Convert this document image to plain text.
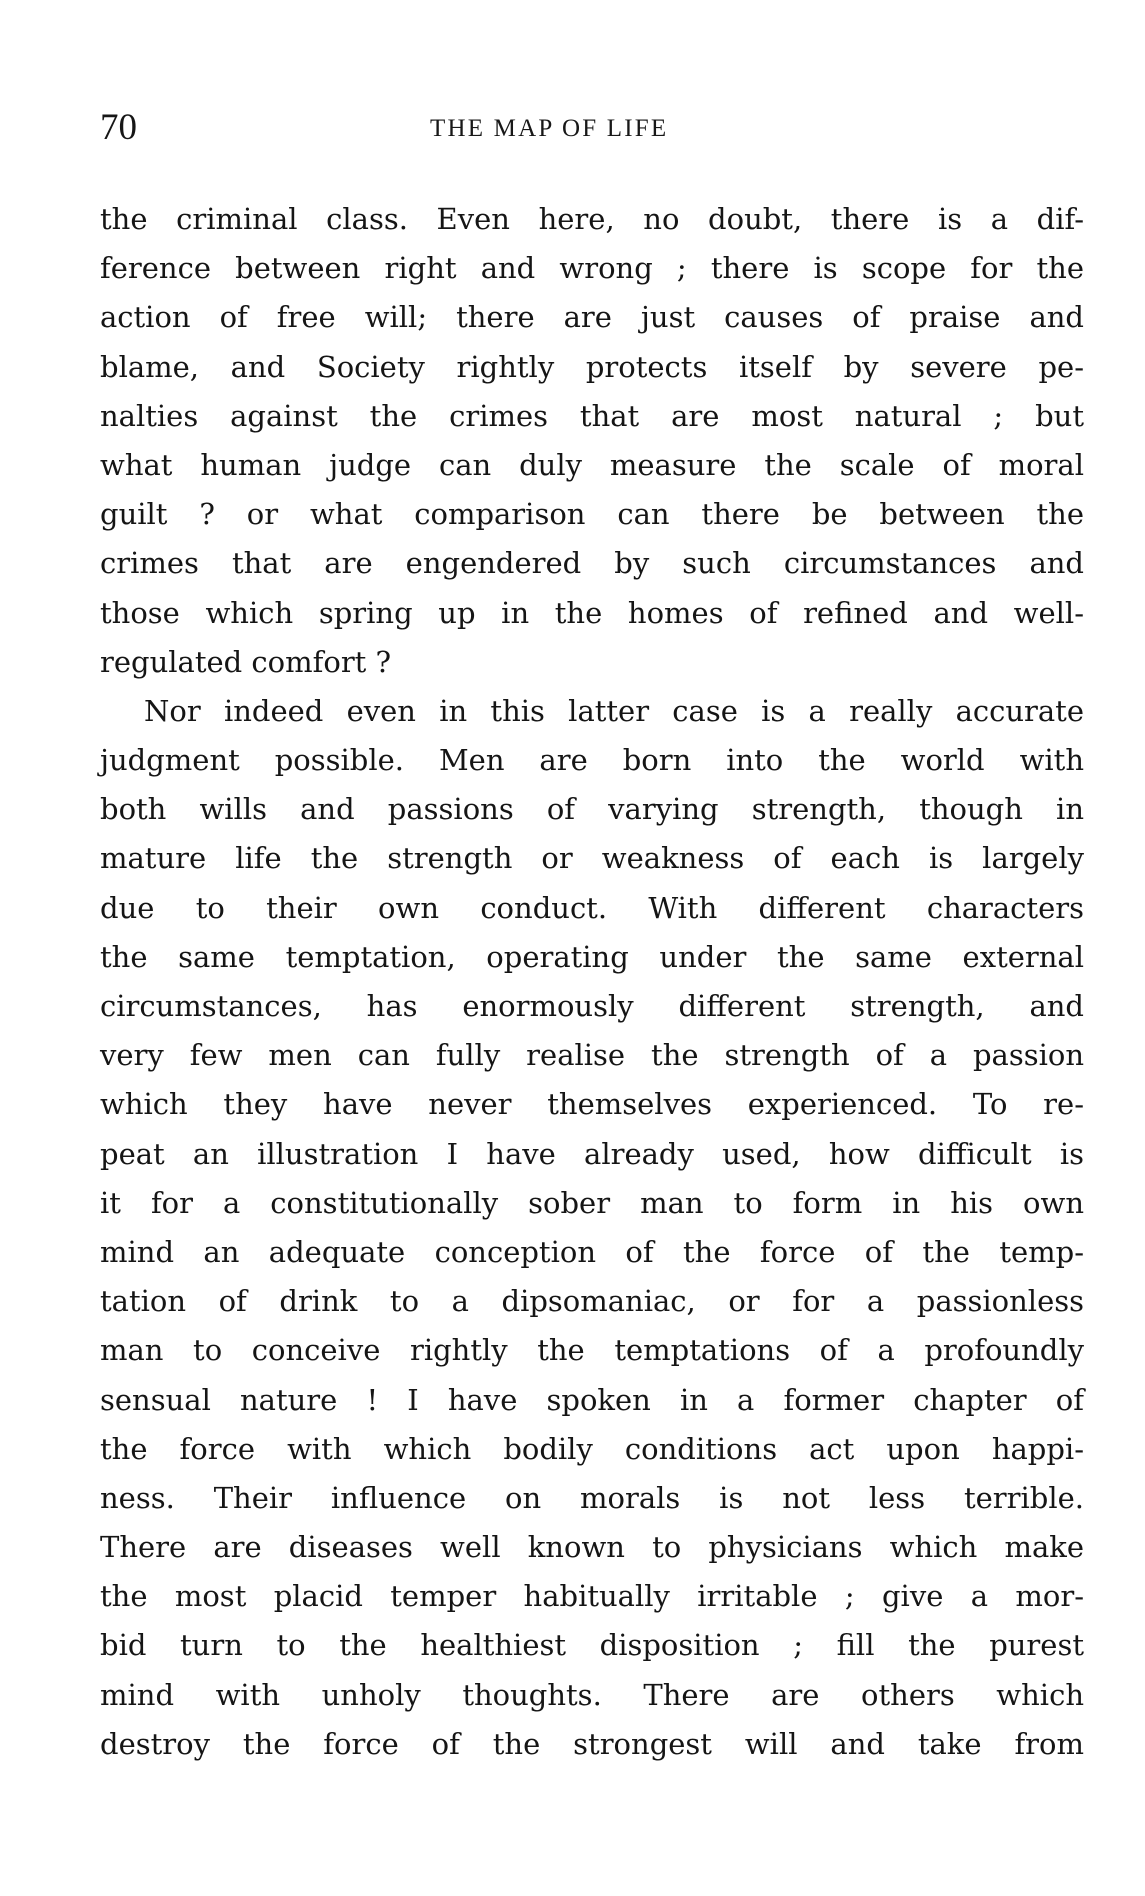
70	THE MAP OF LIFE
the criminal class. Even here, no doubt, there is a dif-
ference between right and wrong ; there is scope for the
action of free will; there are just causes of praise and
blame, and Society rightly protects itself by severe pe-
nalties against the crimes that are most natural ; but
what human judge can duly measure the scale of moral
guilt ? or what comparison can there be between the
crimes that are engendered by such circumstances and
those which spring up in the homes of refined and well-
regulated comfort ?
Nor indeed even in this latter case is a really accurate
judgment possible. Men are born into the world with
both wills and passions of varying strength, though in
mature life the strength or weakness of each is largely
due to their own conduct. With different characters
the same temptation, operating under the same external
circumstances, has enormously different strength, and
very few men can fully realise the strength of a passion
which they have never themselves experienced. To re-
peat an illustration I have already used, how difficult is
it for a constitutionally sober man to form in his own
mind an adequate conception of the force of the temp-
tation of drink to a dipsomaniac, or for a passionless
man to conceive rightly the temptations of a profoundly
sensual nature ! I have spoken in a former chapter of
the force with which bodily conditions act upon happi-
ness. Their influence on morals is not less terrible.
There are diseases well known to physicians which make
the most placid temper habitually irritable ; give a mor-
bid turn to the healthiest disposition ; fill the purest
mind with unholy thoughts. There are others which
destroy the force of the strongest will and take from
